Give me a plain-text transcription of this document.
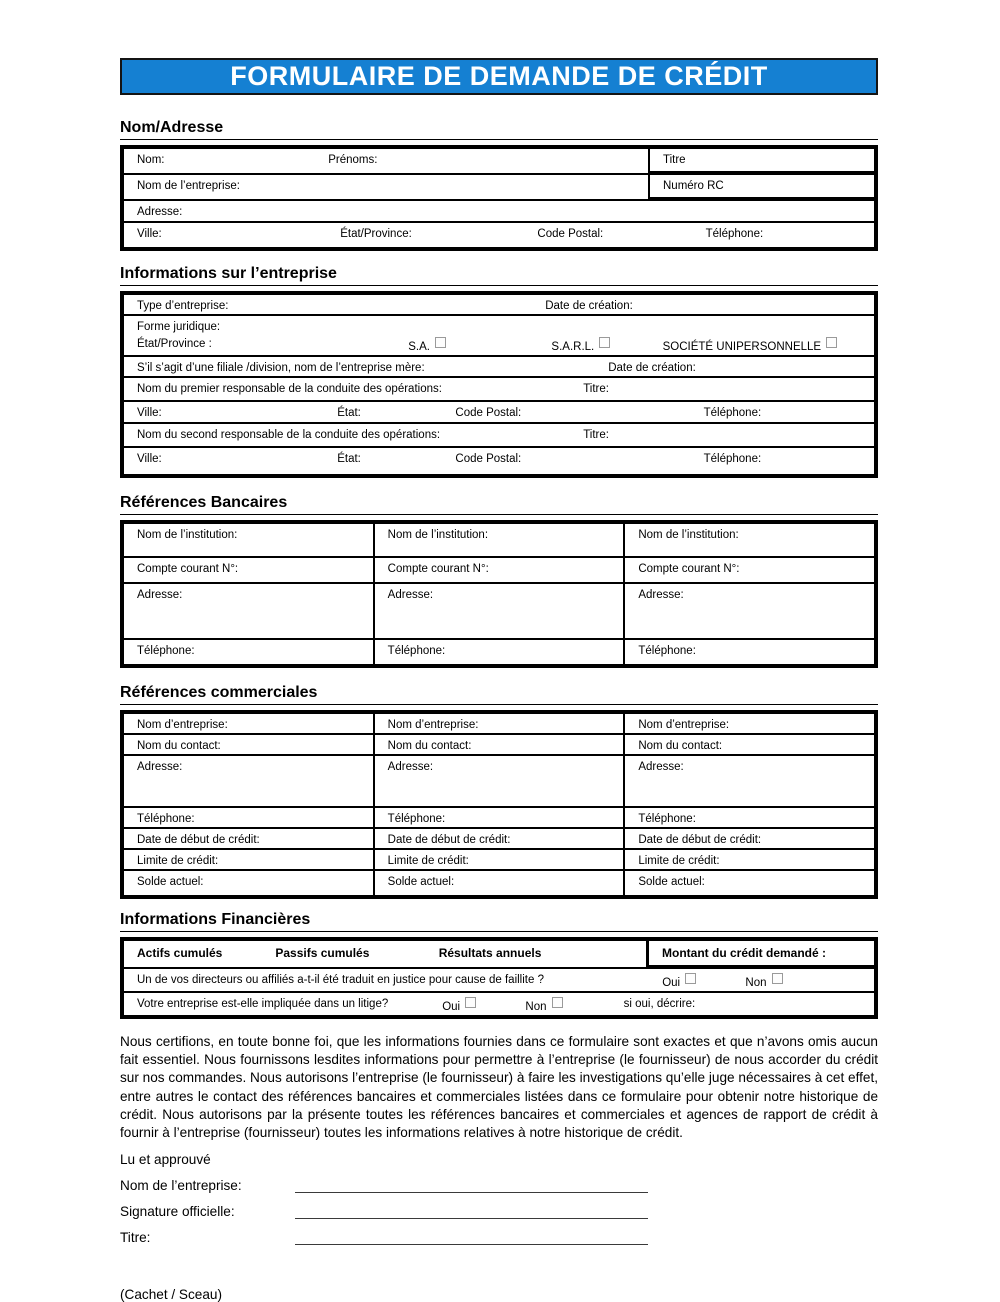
FORMULAIRE DE DEMANDE DE CRÉDIT
Nom/Adresse
Nom:	Prénoms:	Titre
Nom de l’entreprise:	Numéro RC
Adresse:
Ville:	État/Province:	Code Postal:	Téléphone:
Informations sur l’entreprise
Type d’entreprise:	Date de création:
Forme juridique:
État/Province :	S.A.	S.A.R.L.	SOCIÉTÉ UNIPERSONNELLE
S’il s’agit d’une filiale /division, nom de l’entreprise mère:	Date de création:
Nom du premier responsable de la conduite des opérations:	Titre:
Ville:	État:	Code Postal:	Téléphone:
Nom du second responsable de la conduite des opérations:	Titre:
Ville:	État:	Code Postal:	Téléphone:
Références Bancaires
Nom de l’institution:	Nom de l’institution:	Nom de l’institution:
Compte courant N°:	Compte courant N°:	Compte courant N°:
Adresse:	Adresse:	Adresse:
Téléphone:	Téléphone:	Téléphone:
Références commerciales
Nom d’entreprise:	Nom d’entreprise:	Nom d’entreprise:
Nom du contact:	Nom du contact:	Nom du contact:
Adresse:	Adresse:	Adresse:
Téléphone:	Téléphone:	Téléphone:
Date de début de crédit:	Date de début de crédit:	Date de début de crédit:
Limite de crédit:	Limite de crédit:	Limite de crédit:
Solde actuel:	Solde actuel:	Solde actuel:
Informations Financières
Actifs cumulés	Passifs cumulés	Résultats annuels	Montant du crédit demandé :
Un de vos directeurs ou affiliés a-t-il été traduit en justice pour cause de faillite ?	Oui	Non
Votre entreprise est-elle impliquée dans un litige?	Oui	Non	si oui, décrire:

Nous certifions, en toute bonne foi, que les informations fournies dans ce formulaire sont exactes et que n’avons omis aucun fait essentiel. Nous fournissons lesdites informations pour permettre à l’entreprise (le fournisseur) de nous accorder du crédit sur nos commandes. Nous autorisons l’entreprise (le fournisseur) à faire les investigations qu’elle juge nécessaires à cet effet, entre autres le contact des références bancaires et commerciales listées dans ce formulaire pour obtenir notre historique de crédit. Nous autorisons par la présente toutes les références bancaires et commerciales et agences de rapport de crédit à fournir à l’entreprise (fournisseur) toutes les informations relatives à notre historique de crédit.

Lu et approuvé
Nom de l’entreprise:
Signature officielle:
Titre:
(Cachet / Sceau)
